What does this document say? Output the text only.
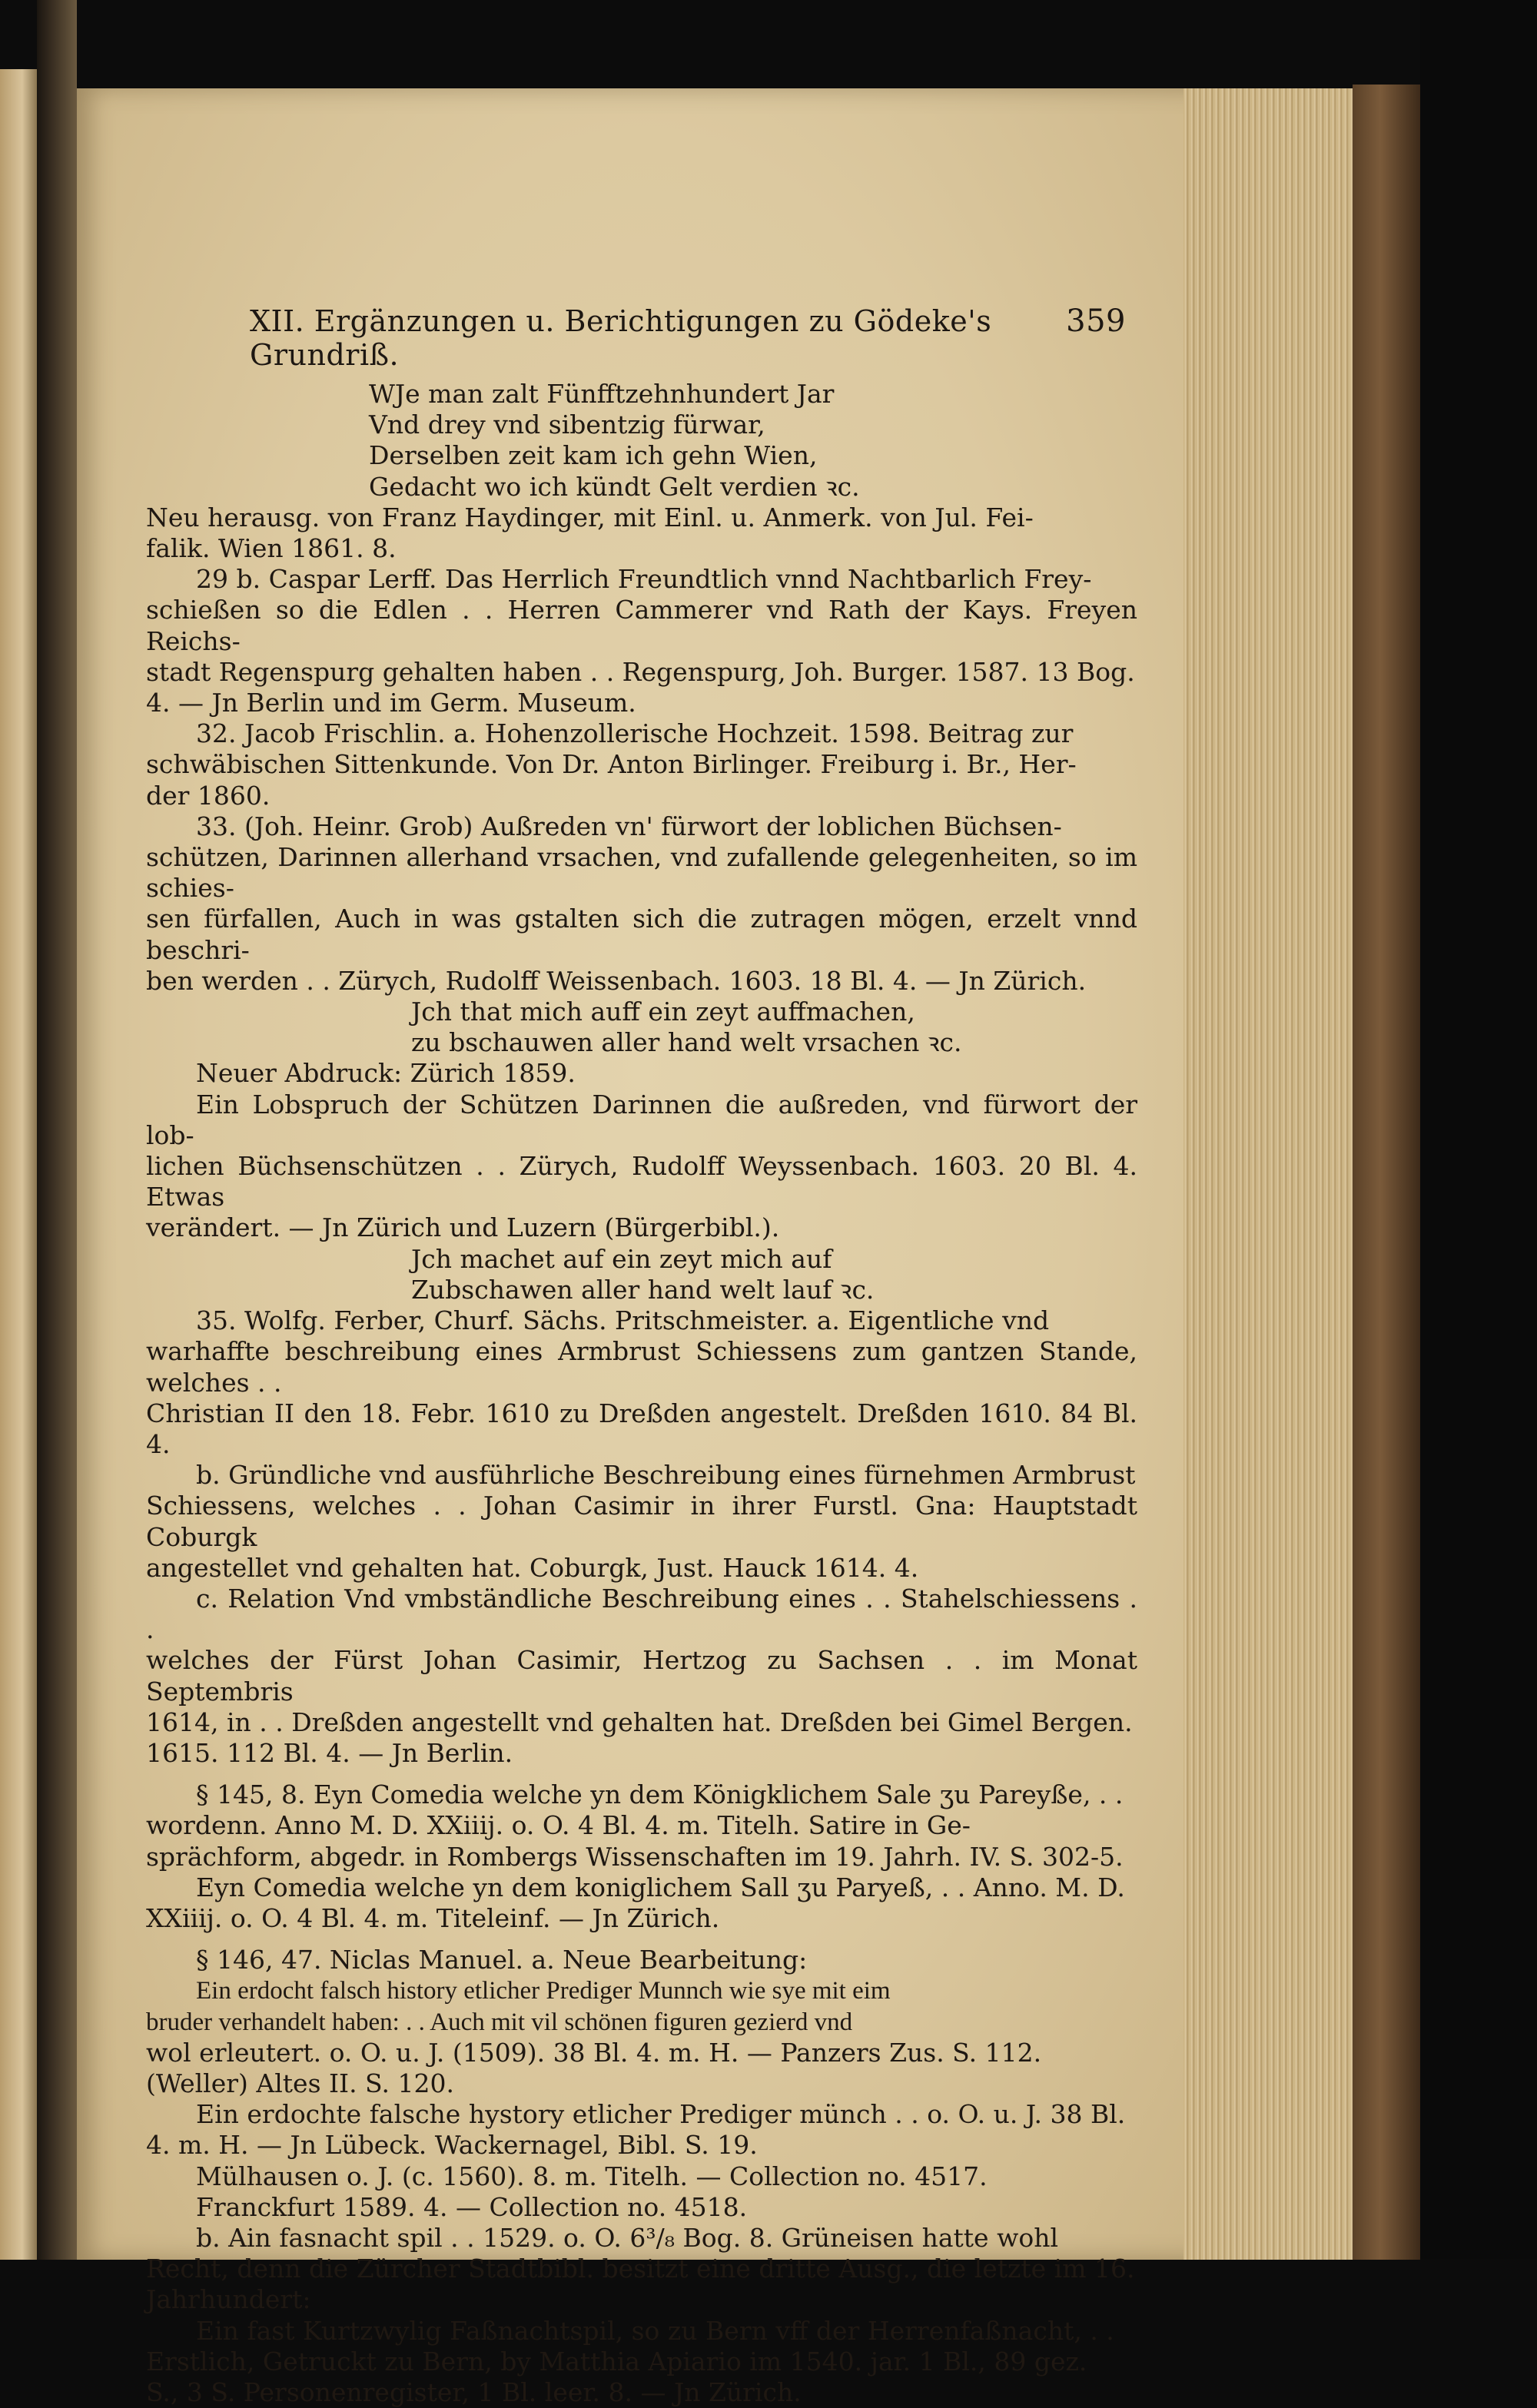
XII. Ergänzungen u. Berichtigungen zu Gödeke's Grundriß.
359

WJe man zalt Fünfftzehnhundert Jar

Vnd drey vnd sibentzig fürwar,

Derselben zeit kam ich gehn Wien,

Gedacht wo ich kündt Gelt verdien ꝛc.

Neu herausg. von Franz Haydinger, mit Einl. u. Anmerk. von Jul. Fei-

falik. Wien 1861. 8.

29 b. Caspar Lerff. Das Herrlich Freundtlich vnnd Nachtbarlich Frey-

schießen so die Edlen . . Herren Cammerer vnd Rath der Kays. Freyen Reichs-

stadt Regenspurg gehalten haben . . Regenspurg, Joh. Burger. 1587. 13 Bog.

4. — Jn Berlin und im Germ. Museum.

32. Jacob Frischlin. a. Hohenzollerische Hochzeit. 1598. Beitrag zur

schwäbischen Sittenkunde. Von Dr. Anton Birlinger. Freiburg i. Br., Her-

der 1860.

33. (Joh. Heinr. Grob) Außreden vn' fürwort der loblichen Büchsen-

schützen, Darinnen allerhand vrsachen, vnd zufallende gelegenheiten, so im schies-

sen fürfallen, Auch in was gstalten sich die zutragen mögen, erzelt vnnd beschri-

ben werden . . Zürych, Rudolff Weissenbach. 1603. 18 Bl. 4. — Jn Zürich.

Jch that mich auff ein zeyt auffmachen,

zu bschauwen aller hand welt vrsachen ꝛc.

Neuer Abdruck: Zürich 1859.

Ein Lobspruch der Schützen Darinnen die außreden, vnd fürwort der lob-

lichen Büchsenschützen . . Zürych, Rudolff Weyssenbach. 1603. 20 Bl. 4. Etwas

verändert. — Jn Zürich und Luzern (Bürgerbibl.).

Jch machet auf ein zeyt mich auf

Zubschawen aller hand welt lauf ꝛc.

35. Wolfg. Ferber, Churf. Sächs. Pritschmeister. a. Eigentliche vnd

warhaffte beschreibung eines Armbrust Schiessens zum gantzen Stande, welches . .

Christian II den 18. Febr. 1610 zu Dreßden angestelt. Dreßden 1610. 84 Bl. 4.

b. Gründliche vnd ausführliche Beschreibung eines fürnehmen Armbrust

Schiessens, welches . . Johan Casimir in ihrer Furstl. Gna: Hauptstadt Coburgk

angestellet vnd gehalten hat. Coburgk, Just. Hauck 1614. 4.

c. Relation Vnd vmbständliche Beschreibung eines . . Stahelschiessens . .

welches der Fürst Johan Casimir, Hertzog zu Sachsen . . im Monat Septembris

1614, in . . Dreßden angestellt vnd gehalten hat. Dreßden bei Gimel Bergen.

1615. 112 Bl. 4. — Jn Berlin.

§ 145, 8. Eyn Comedia welche yn dem Königklichem Sale ʒu Pareyße, . .

wordenn. Anno M. D. XXiiij. o. O. 4 Bl. 4. m. Titelh. Satire in Ge-

sprächform, abgedr. in Rombergs Wissenschaften im 19. Jahrh. IV. S. 302-5.

Eyn Comedia welche yn dem koniglichem Sall ʒu Paryeß, . . Anno. M. D.

XXiiij. o. O. 4 Bl. 4. m. Titeleinf. — Jn Zürich.

§ 146, 47. Niclas Manuel. a. Neue Bearbeitung:

Ein erdocht falsch history etlicher Prediger Munnch wie sye mit eim

bruder verhandelt haben: . . Auch mit vil schönen figuren gezierd vnd

wol erleutert. o. O. u. J. (1509). 38 Bl. 4. m. H. — Panzers Zus. S. 112.

(Weller) Altes II. S. 120.

Ein erdochte falsche hystory etlicher Prediger münch . . o. O. u. J. 38 Bl.

4. m. H. — Jn Lübeck. Wackernagel, Bibl. S. 19.

Mülhausen o. J. (c. 1560). 8. m. Titelh. — Collection no. 4517.

Franckfurt 1589. 4. — Collection no. 4518.

b. Ain fasnacht spil . . 1529. o. O. 6³/₈ Bog. 8. Grüneisen hatte wohl

Recht, denn die Zürcher Stadtbibl. besitzt eine dritte Ausg., die letzte im 16.

Jahrhundert:

Ein fast Kurtzwylig Faßnachtspil, so zu Bern vff der Herrenfaßnacht, . .

Erstlich, Getruckt zu Bern, by Matthia Apiario im 1540. jar. 1 Bl., 89 gez.

S., 3 S. Personenregister, 1 Bl. leer. 8. — Jn Zürich.
